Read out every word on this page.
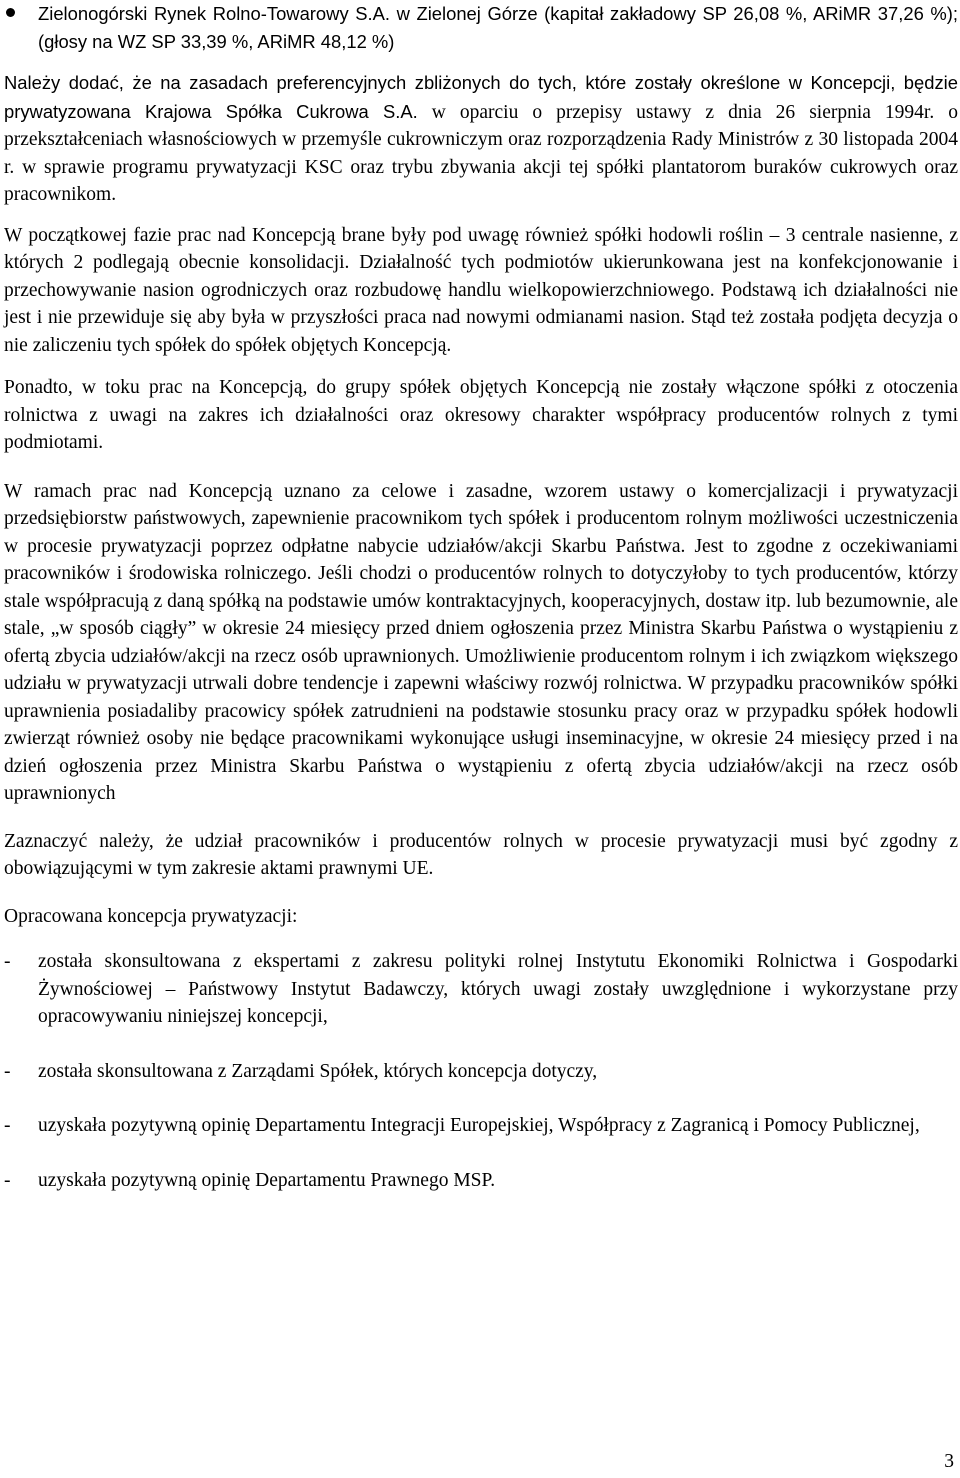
Zielonogórski Rynek Rolno-Towarowy S.A. w Zielonej Górze (kapitał zakładowy SP 26,08 %, ARiMR 37,26 %);(głosy na WZ SP 33,39 %, ARiMR 48,12 %)

Należy dodać, że na zasadach preferencyjnych zbliżonych do tych, które zostały określone w Koncepcji, będzie prywatyzowana Krajowa Spółka Cukrowa S.A. w oparciu o przepisy ustawy z dnia 26 sierpnia 1994r. o przekształceniach własnościowych w przemyśle cukrowniczym oraz rozporządzenia Rady Ministrów z 30 listopada 2004 r. w sprawie programu prywatyzacji KSC oraz trybu zbywania akcji tej spółki plantatorom buraków cukrowych oraz pracownikom.

W początkowej fazie prac nad Koncepcją brane były pod uwagę również spółki hodowli roślin – 3 centrale nasienne, z których 2 podlegają obecnie konsolidacji. Działalność tych podmiotów ukierunkowana jest na konfekcjonowanie i przechowywanie nasion ogrodniczych oraz rozbudowę handlu wielkopowierzchniowego. Podstawą ich działalności nie jest i nie przewiduje się aby była w przyszłości praca nad nowymi odmianami nasion. Stąd też została podjęta decyzja o nie zaliczeniu tych spółek do spółek objętych Koncepcją.

Ponadto, w toku prac na Koncepcją, do grupy spółek objętych Koncepcją nie zostały włączone spółki z otoczenia rolnictwa z uwagi na zakres ich działalności oraz okresowy charakter współpracy producentów rolnych z tymi podmiotami.

W ramach prac nad Koncepcją uznano za celowe i zasadne, wzorem ustawy o komercjalizacji i prywatyzacji przedsiębiorstw państwowych, zapewnienie pracownikom tych spółek i producentom rolnym możliwości uczestniczenia w procesie prywatyzacji poprzez odpłatne nabycie udziałów/akcji Skarbu Państwa. Jest to zgodne z oczekiwaniami pracowników i środowiska rolniczego. Jeśli chodzi o producentów rolnych to dotyczyłoby to tych producentów, którzy stale współpracują z daną spółką na podstawie umów kontraktacyjnych, kooperacyjnych, dostaw itp. lub bezumownie, ale stale, „w sposób ciągły” w okresie 24 miesięcy przed dniem ogłoszenia przez Ministra Skarbu Państwa o wystąpieniu z ofertą zbycia udziałów/akcji na rzecz osób uprawnionych. Umożliwienie producentom rolnym i ich związkom większego udziału w prywatyzacji utrwali dobre tendencje i zapewni właściwy rozwój rolnictwa. W przypadku pracowników spółki uprawnienia posiadaliby pracowicy spółek zatrudnieni na podstawie stosunku pracy oraz w przypadku spółek hodowli zwierząt również osoby nie będące pracownikami wykonujące usługi inseminacyjne, w okresie 24 miesięcy przed i na dzień ogłoszenia przez Ministra Skarbu Państwa o wystąpieniu z ofertą zbycia udziałów/akcji na rzecz osób uprawnionych

Zaznaczyć należy, że udział pracowników i producentów rolnych w procesie prywatyzacji musi być zgodny z obowiązującymi w tym zakresie aktami prawnymi UE.

Opracowana koncepcja prywatyzacji:

- została skonsultowana z ekspertami z zakresu polityki rolnej Instytutu Ekonomiki Rolnictwa i Gospodarki Żywnościowej – Państwowy Instytut Badawczy, których uwagi zostały uwzględnione i wykorzystane przy opracowywaniu niniejszej koncepcji,
- została skonsultowana z Zarządami Spółek, których koncepcja dotyczy,
- uzyskała pozytywną opinię Departamentu Integracji Europejskiej, Współpracy z Zagranicą i Pomocy Publicznej,
- uzyskała pozytywną opinię Departamentu Prawnego MSP.
3
